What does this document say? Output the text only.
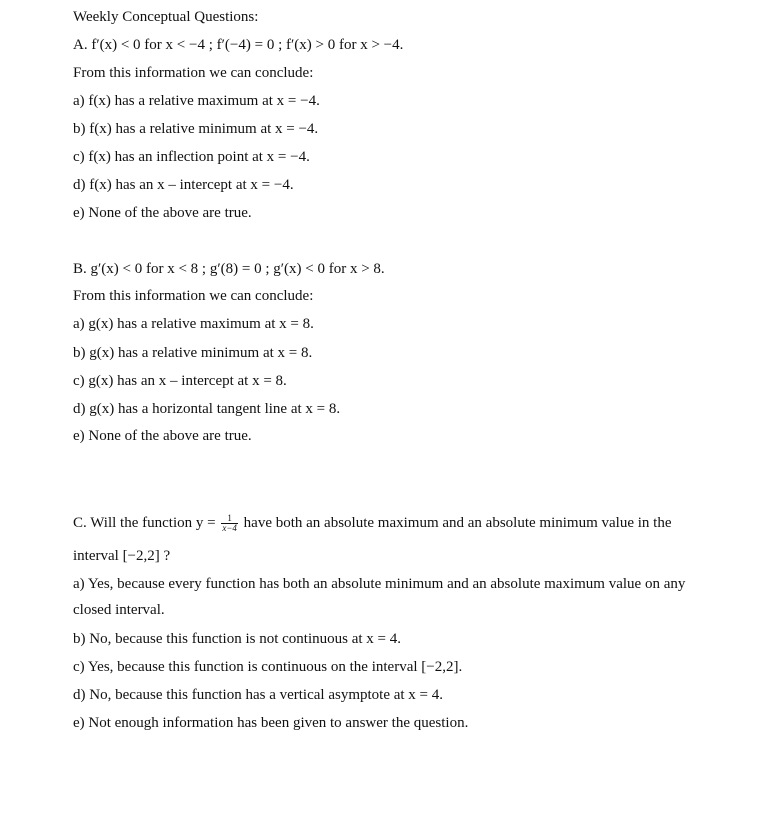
Weekly Conceptual Questions:
A. f′(x) < 0 for x < −4 ; f′(−4) = 0 ; f′(x) > 0 for x > −4.
From this information we can conclude:
a) f(x) has a relative maximum at x = −4.
b) f(x) has a relative minimum at x = −4.
c) f(x) has an inflection point at x = −4.
d) f(x) has an x – intercept at x = −4.
e) None of the above are true.
B. g′(x) < 0 for x < 8 ; g′(8) = 0 ; g′(x) < 0 for x > 8.
From this information we can conclude:
a) g(x) has a relative maximum at x = 8.
b) g(x) has a relative minimum at x = 8.
c) g(x) has an x – intercept at x = 8.
d) g(x) has a horizontal tangent line at x = 8.
e) None of the above are true.
C. Will the function $y = \frac{1}{x-4}$ have both an absolute maximum and an absolute minimum value in the
interval [−2,2] ?
a) Yes, because every function has both an absolute minimum and an absolute maximum value on any
closed interval.
b) No, because this function is not continuous at x = 4.
c) Yes, because this function is continuous on the interval [−2,2].
d) No, because this function has a vertical asymptote at x = 4.
e) Not enough information has been given to answer the question.
